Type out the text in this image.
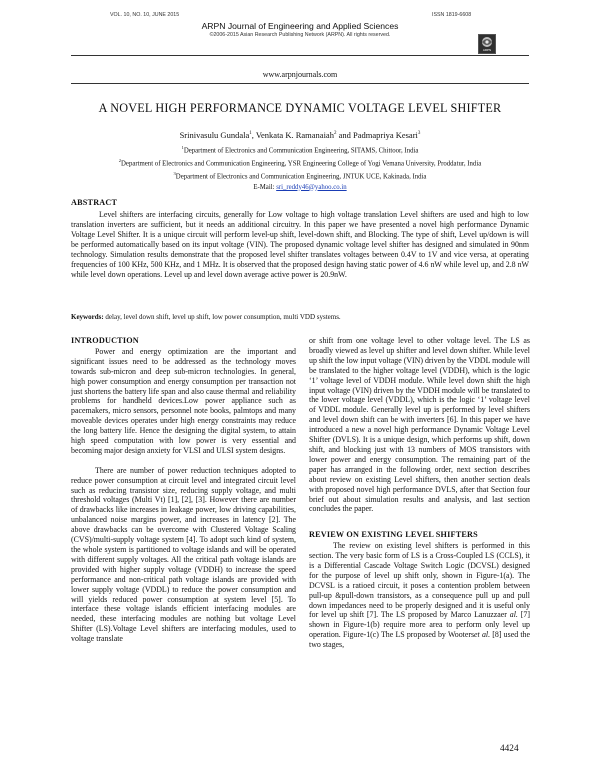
VOL. 10, NO. 10, JUNE 2015	ISSN 1819-6608
ARPN Journal of Engineering and Applied Sciences
©2006-2015 Asian Research Publishing Network (ARPN). All rights reserved.
ARPN
www.arpnjournals.com
A NOVEL HIGH PERFORMANCE DYNAMIC VOLTAGE LEVEL SHIFTER
Srinivasulu Gundala$^1$, Venkata K. Ramanaiah$^2$ and Padmapriya Kesari$^3$
$^1$Department of Electronics and Communication Engineering, SITAMS, Chittoor, India
$^2$Department of Electronics and Communication Engineering, YSR Engineering College of Yogi Vemana University, Proddatur, India
$^3$Department of Electronics and Communication Engineering, JNTUK UCE, Kakinada, India
E-Mail: sri_reddy46@yahoo.co.in
ABSTRACT
Level shifters are interfacing circuits, generally for Low voltage to high voltage translation Level shifters are used and high to low translation inverters are sufficient, but it needs an additional circuitry. In this paper we have presented a novel high performance Dynamic Voltage Level Shifter. It is a unique circuit will perform level-up shift, level-down shift, and Blocking. The type of shift, Level up/down is will be performed automatically based on its input voltage (VIN). The proposed dynamic voltage level shifter has designed and simulated in 90nm technology. Simulation results demonstrate that the proposed level shifter translates voltages between 0.4V to 1V and vice versa, at operating frequencies of 100 KHz, 500 KHz, and 1 MHz. It is observed that the proposed design having static power of 4.6 nW while level up, and 2.8 nW while level down operations. Level up and level down average active power is 20.9nW.
Keywords: delay, level down shift, level up shift, low power consumption, multi VDD systems.
INTRODUCTION

Power and energy optimization are the important and significant issues need to be addressed as the technology moves towards sub-micron and deep sub-micron technologies. In general, high power consumption and energy consumption per transaction not just shortens the battery life span and also cause thermal and reliability problems for handheld devices.Low power appliance such as pacemakers, micro sensors, personnel note books, palmtops and many moveable devices operates under high energy constraints may reduce the long battery life. Hence the designing the digital system, to attain high speed computation with low power is very essential and becoming major design anxiety for VLSI and ULSI system designs.

There are number of power reduction techniques adopted to reduce power consumption at circuit level and integrated circuit level such as reducing transistor size, reducing supply voltage, and multi threshold voltages (Multi Vt) [1], [2], [3]. However there are number of drawbacks like increases in leakage power, low driving capabilities, unbalanced noise margins power, and increases in latency [2]. The above drawbacks can be overcome with Clustered Voltage Scaling (CVS)/multi-supply voltage system [4]. To adopt such kind of system, the whole system is partitioned to voltage islands and will be operated with different supply voltages. All the critical path voltage islands are provided with higher supply voltage (VDDH) to increase the speed performance and non-critical path voltage islands are provided with lower supply voltage (VDDL) to reduce the power consumption and will yields reduced power consumption at system level [5]. To interface these voltage islands efficient interfacing modules are needed, these interfacing modules are nothing but voltage Level Shifter (LS).Voltage Level shifters are interfacing modules, used to voltage translate

or shift from one voltage level to other voltage level. The LS as broadly viewed as level up shifter and level down shifter. While level up shift the low input voltage (VIN) driven by the VDDL module will be translated to the higher voltage level (VDDH), which is the logic ‘1’ voltage level of VDDH module. While level down shift the high input voltage (VIN) driven by the VDDH module will be translated to the lower voltage level (VDDL), which is the logic ‘1’ voltage level of VDDL module. Generally level up is performed by level shifters and level down shift can be with inverters [6]. In this paper we have introduced a new a novel high performance Dynamic Voltage Level Shifter (DVLS). It is a unique design, which performs up shift, down shift, and blocking just with 13 numbers of MOS transistors with lower power and energy consumption. The remaining part of the paper has arranged in the following order, next section describes about review on existing Level shifters, then another section deals with proposed novel high performance DVLS, after that Section four brief out about simulation results and analysis, and last section concludes the paper.

REVIEW ON EXISTING LEVEL SHIFTERS

The review on existing level shifters is performed in this section. The very basic form of LS is a Cross-Coupled LS (CCLS), it is a Differential Cascade Voltage Switch Logic (DCVSL) designed for the purpose of level up shift only, shown in Figure-1(a). The DCVSL is a ratioed circuit, it poses a contention problem between pull-up &pull-down transistors, as a consequence pull up and pull down impedances need to be properly designed and it is useful only for level up shift [7]. The LS proposed by Marco Lanuzzaer al. [7] shown in Figure-1(b) require more area to perform only level up operation. Figure-1(c) The LS proposed by Wooterset al. [8] used the two stages,

4424
